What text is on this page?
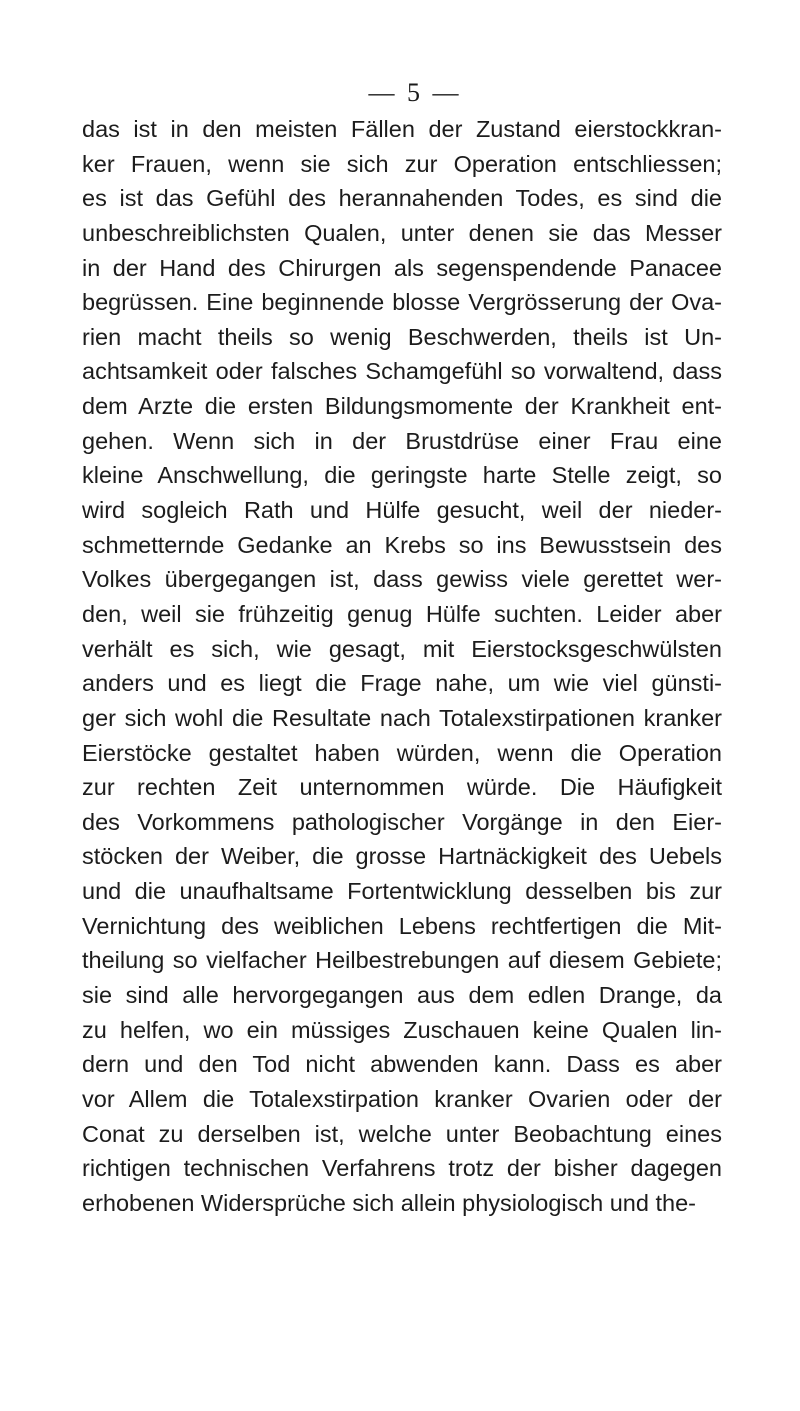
— 5 —
das ist in den meisten Fällen der Zustand eierstockkran-
ker Frauen, wenn sie sich zur Operation entschliessen;
es ist das Gefühl des herannahenden Todes, es sind die
unbeschreiblichsten Qualen, unter denen sie das Messer
in der Hand des Chirurgen als segenspendende Panacee
begrüssen. Eine beginnende blosse Vergrösserung der Ova-
rien macht theils so wenig Beschwerden, theils ist Un-
achtsamkeit oder falsches Schamgefühl so vorwaltend, dass
dem Arzte die ersten Bildungsmomente der Krankheit ent-
gehen. Wenn sich in der Brustdrüse einer Frau eine
kleine Anschwellung, die geringste harte Stelle zeigt, so
wird sogleich Rath und Hülfe gesucht, weil der nieder-
schmetternde Gedanke an Krebs so ins Bewusstsein des
Volkes übergegangen ist, dass gewiss viele gerettet wer-
den, weil sie frühzeitig genug Hülfe suchten. Leider aber
verhält es sich, wie gesagt, mit Eierstocksgeschwülsten
anders und es liegt die Frage nahe, um wie viel günsti-
ger sich wohl die Resultate nach Totalexstirpationen kranker
Eierstöcke gestaltet haben würden, wenn die Operation
zur rechten Zeit unternommen würde. Die Häufigkeit
des Vorkommens pathologischer Vorgänge in den Eier-
stöcken der Weiber, die grosse Hartnäckigkeit des Uebels
und die unaufhaltsame Fortentwicklung desselben bis zur
Vernichtung des weiblichen Lebens rechtfertigen die Mit-
theilung so vielfacher Heilbestrebungen auf diesem Gebiete;
sie sind alle hervorgegangen aus dem edlen Drange, da
zu helfen, wo ein müssiges Zuschauen keine Qualen lin-
dern und den Tod nicht abwenden kann. Dass es aber
vor Allem die Totalexstirpation kranker Ovarien oder der
Conat zu derselben ist, welche unter Beobachtung eines
richtigen technischen Verfahrens trotz der bisher dagegen
erhobenen Widersprüche sich allein physiologisch und the-
